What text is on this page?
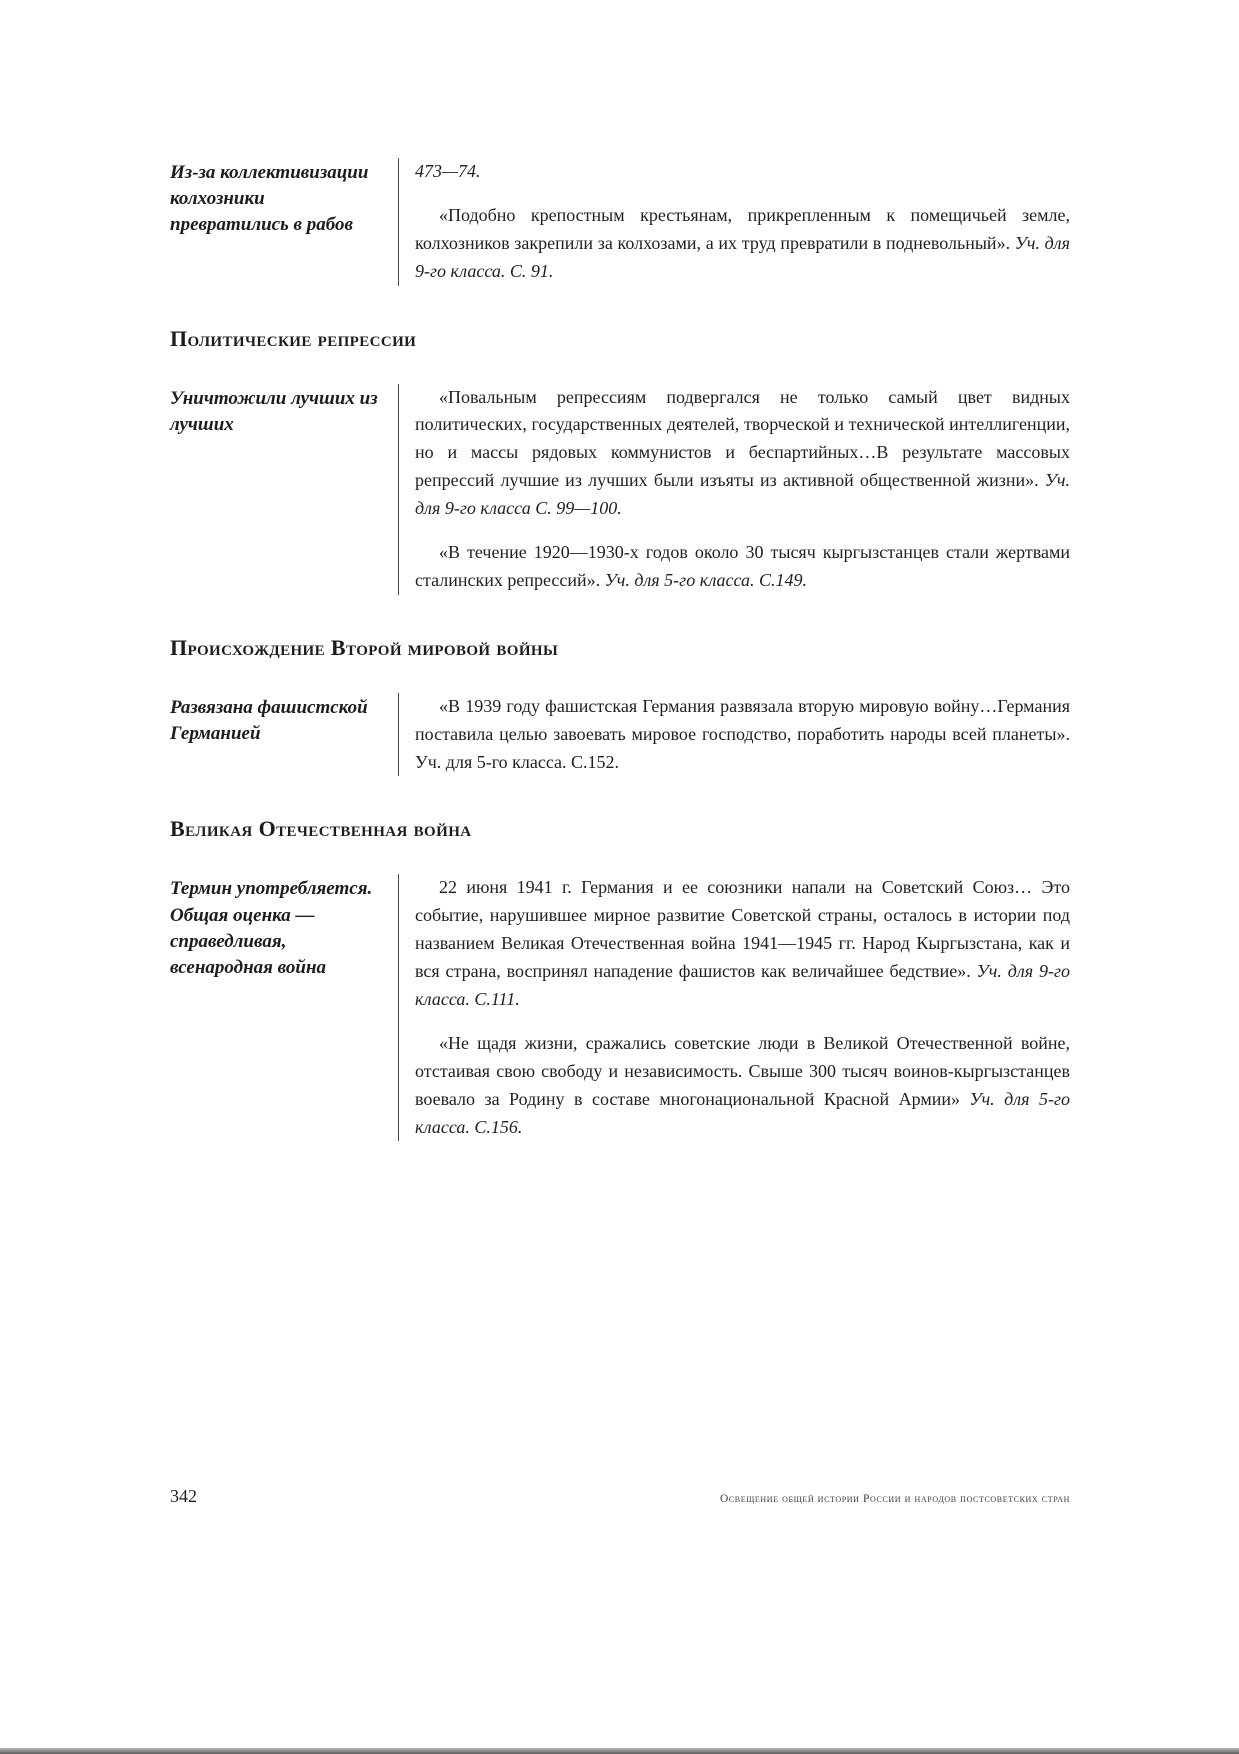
Из-за коллективизации колхозники превратились в рабов

473—74.

«Подобно крепостным крестьянам, прикрепленным к помещичьей земле, колхозников закрепили за колхозами, а их труд превратили в подневольный». Уч. для 9-го класса. С. 91.

Политические репрессии
Уничтожили лучших из лучших

«Повальным репрессиям подвергался не только самый цвет видных политических, государственных деятелей, творческой и технической интеллигенции, но и массы рядовых коммунистов и беспартийных…В результате массовых репрессий лучшие из лучших были изъяты из активной общественной жизни». Уч. для 9-го класса С. 99—100.

«В течение 1920—1930-х годов около 30 тысяч кыргызстанцев стали жертвами сталинских репрессий». Уч. для 5-го класса. С.149.

Происхождение Второй мировой войны
Развязана фашистской Германией

«В 1939 году фашистская Германия развязала вторую мировую войну…Германия поставила целью завоевать мировое господство, поработить народы всей планеты». Уч. для 5-го класса. С.152.

Великая Отечественная война
Термин употребляется. Общая оценка — справедливая, всенародная война

22 июня 1941 г. Германия и ее союзники напали на Советский Союз… Это событие, нарушившее мирное развитие Советской страны, осталось в истории под названием Великая Отечественная война 1941—1945 гг. Народ Кыргызстана, как и вся страна, воспринял нападение фашистов как величайшее бедствие». Уч. для 9-го класса. С.111.

«Не щадя жизни, сражались советские люди в Великой Отечественной войне, отстаивая свою свободу и независимость. Свыше 300 тысяч воинов-кыргызстанцев воевало за Родину в составе многонациональной Красной Армии» Уч. для 5-го класса. С.156.

342	Освещение общей истории России и народов постсоветских стран
